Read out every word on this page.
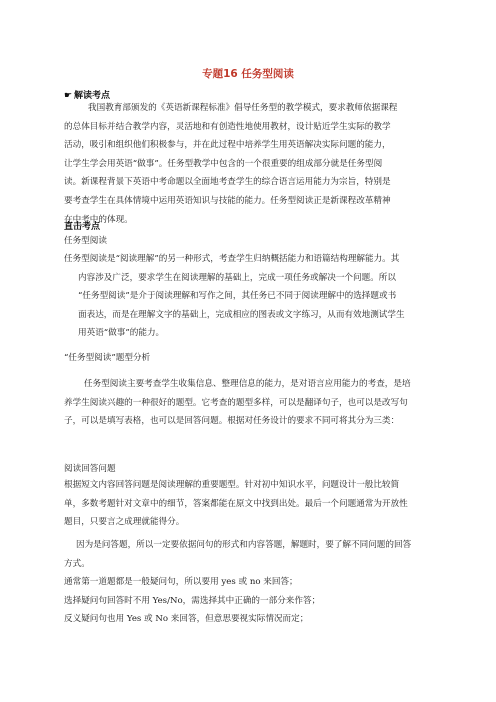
专题16 任务型阅读
☛ 解读考点
我国教育部颁发的《英语新课程标准》倡导任务型的教学模式，要求教师依据课程
的总体目标并结合教学内容，灵活地和有创造性地使用教材，设计贴近学生实际的教学
活动，吸引和组织他们积极参与，并在此过程中培养学生用英语解决实际问题的能力，
让学生学会用英语“做事”。任务型教学中包含的一个很重要的组成部分就是任务型阅
读。新课程背景下英语中考命题以全面地考查学生的综合语言运用能力为宗旨，特别是
要考查学生在具体情境中运用英语知识与技能的能力。任务型阅读正是新课程改革精神
在中考中的体现。
直击考点
任务型阅读
任务型阅读是“阅读理解”的另一种形式，考查学生归纳概括能力和语篇结构理解能力。其
内容涉及广泛，要求学生在阅读理解的基础上，完成一项任务或解决一个问题。所以
“任务型阅读”是介于阅读理解和写作之间，其任务已不同于阅读理解中的选择题或书
面表达，而是在理解文字的基础上，完成相应的图表或文字练习，从而有效地测试学生
用英语“做事”的能力。
“任务型阅读”题型分析
任务型阅读主要考查学生收集信息、整理信息的能力，是对语言应用能力的考查，是培
养学生阅读兴趣的一种很好的题型。它考查的题型多样，可以是翻译句子，也可以是改写句
子，可以是填写表格，也可以是回答问题。根据对任务设计的要求不同可将其分为三类：
阅读回答问题
根据短文内容回答问题是阅读理解的重要题型。针对初中知识水平，问题设计一般比较简
单，多数考题针对文章中的细节，答案都能在原文中找到出处。最后一个问题通常为开放性
题目，只要言之成理就能得分。
因为是问答题，所以一定要依据问句的形式和内容答题，解题时，要了解不同问题的回答
方式。
通常第一道题都是一般疑问句，所以要用 yes 或 no 来回答；
选择疑问句回答时不用 Yes/No，需选择其中正确的一部分来作答；
反义疑问句也用 Yes 或 No 来回答，但意思要视实际情况而定；
